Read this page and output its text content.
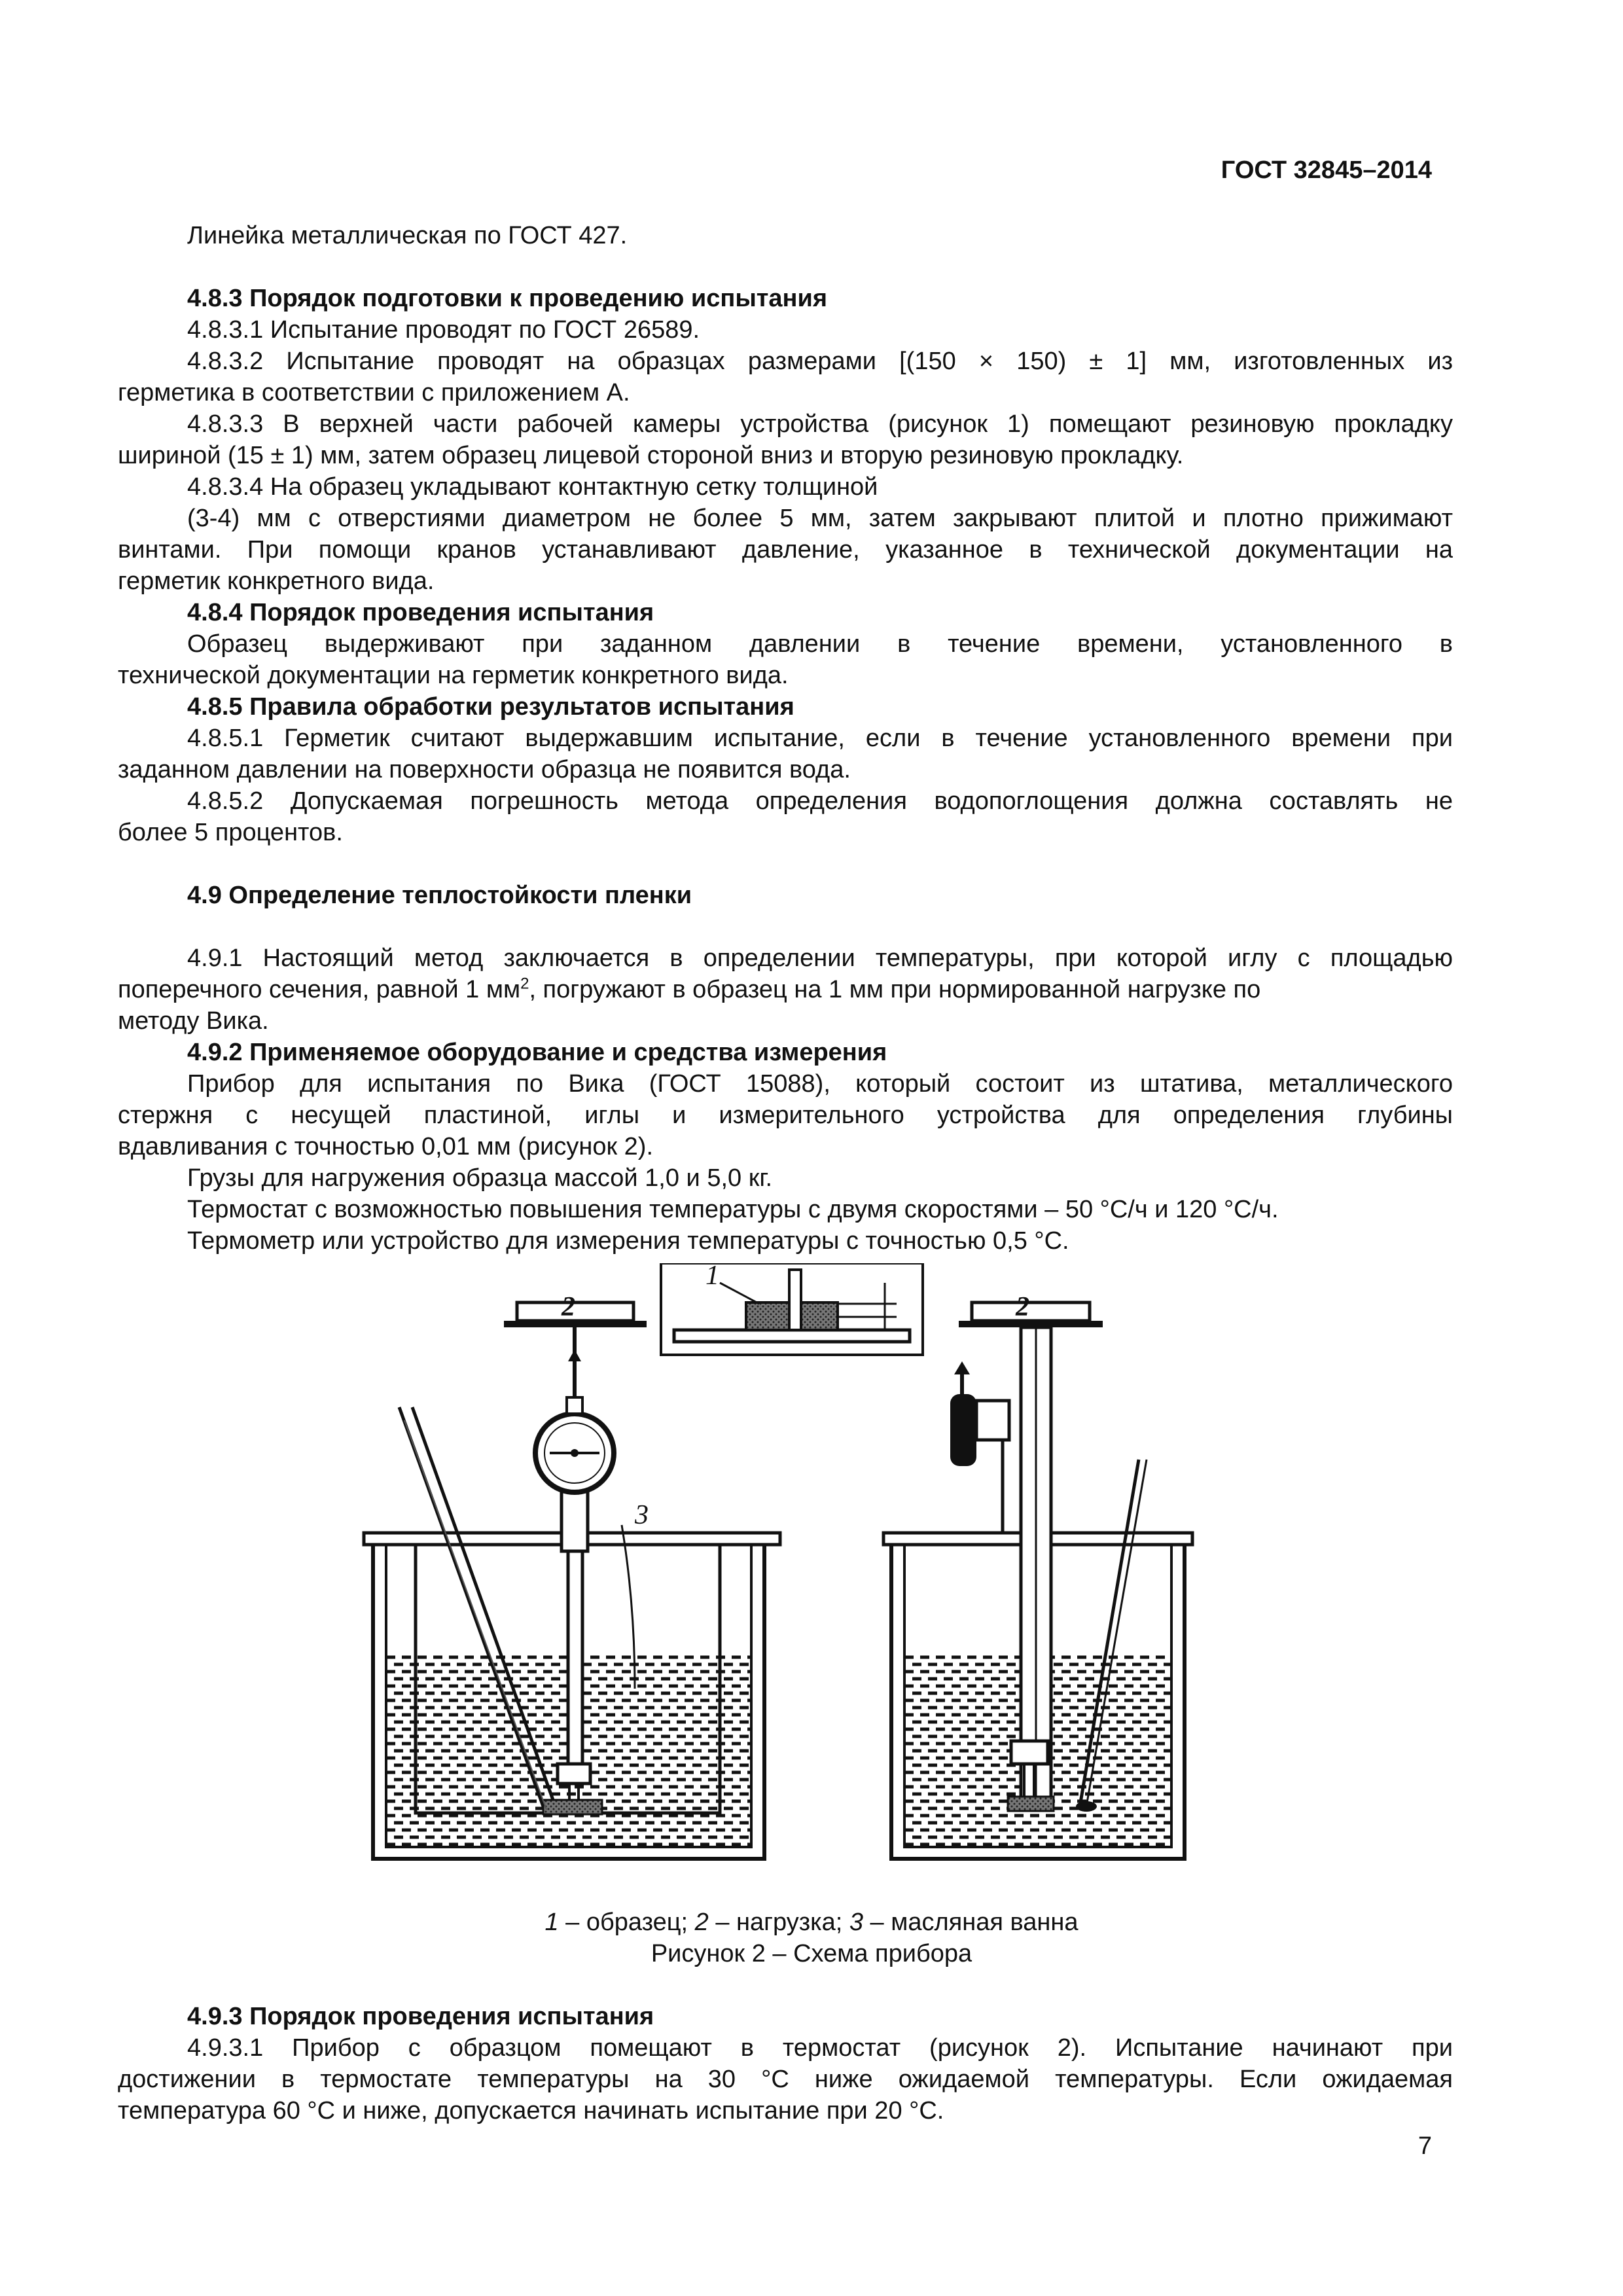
ГОСТ 32845–2014
Линейка металлическая по ГОСТ 427.
4.8.3 Порядок подготовки к проведению испытания
4.8.3.1 Испытание проводят по ГОСТ 26589.
4.8.3.2 Испытание проводят на образцах размерами [(150 × 150) ± 1] мм, изготовленных из
герметика в соответствии с приложением А.
4.8.3.3 В верхней части рабочей камеры устройства (рисунок 1) помещают резиновую прокладку
шириной (15 ± 1) мм, затем образец лицевой стороной вниз и вторую резиновую прокладку.
4.8.3.4 На образец укладывают контактную сетку толщиной
(3-4) мм с отверстиями диаметром не более 5 мм, затем закрывают плитой и плотно прижимают
винтами. При помощи кранов устанавливают давление, указанное в технической документации на
герметик конкретного вида.
4.8.4 Порядок проведения испытания
Образец выдерживают при заданном давлении в течение времени, установленного в
технической документации на герметик конкретного вида.
4.8.5 Правила обработки результатов испытания
4.8.5.1 Герметик считают выдержавшим испытание, если в течение установленного времени при
заданном давлении на поверхности образца не появится вода.
4.8.5.2 Допускаемая погрешность метода определения водопоглощения должна составлять не
более 5 процентов.
4.9 Определение теплостойкости пленки
4.9.1 Настоящий метод заключается в определении температуры, при которой иглу с площадью
поперечного сечения, равной 1 $мм^2$, погружают в образец на 1 мм при нормированной нагрузке по
методу Вика.
4.9.2 Применяемое оборудование и средства измерения
Прибор для испытания по Вика (ГОСТ 15088), который состоит из штатива, металлического
стержня с несущей пластиной, иглы и измерительного устройства для определения глубины
вдавливания с точностью 0,01 мм (рисунок 2).
Грузы для нагружения образца массой 1,0 и 5,0 кг.
Термостат с возможностью повышения температуры с двумя скоростями – 50 °С/ч и 120 °С/ч.
Термометр или устройство для измерения температуры с точностью 0,5 °С.
2
3
1
2
1 – образец; 2 – нагрузка; 3 – масляная ванна
Рисунок 2 – Схема прибора
4.9.3 Порядок проведения испытания
4.9.3.1 Прибор с образцом помещают в термостат (рисунок 2). Испытание начинают при
достижении в термостате температуры на 30 °С ниже ожидаемой температуры. Если ожидаемая
температура 60 °С и ниже, допускается начинать испытание при 20 °С.
7
